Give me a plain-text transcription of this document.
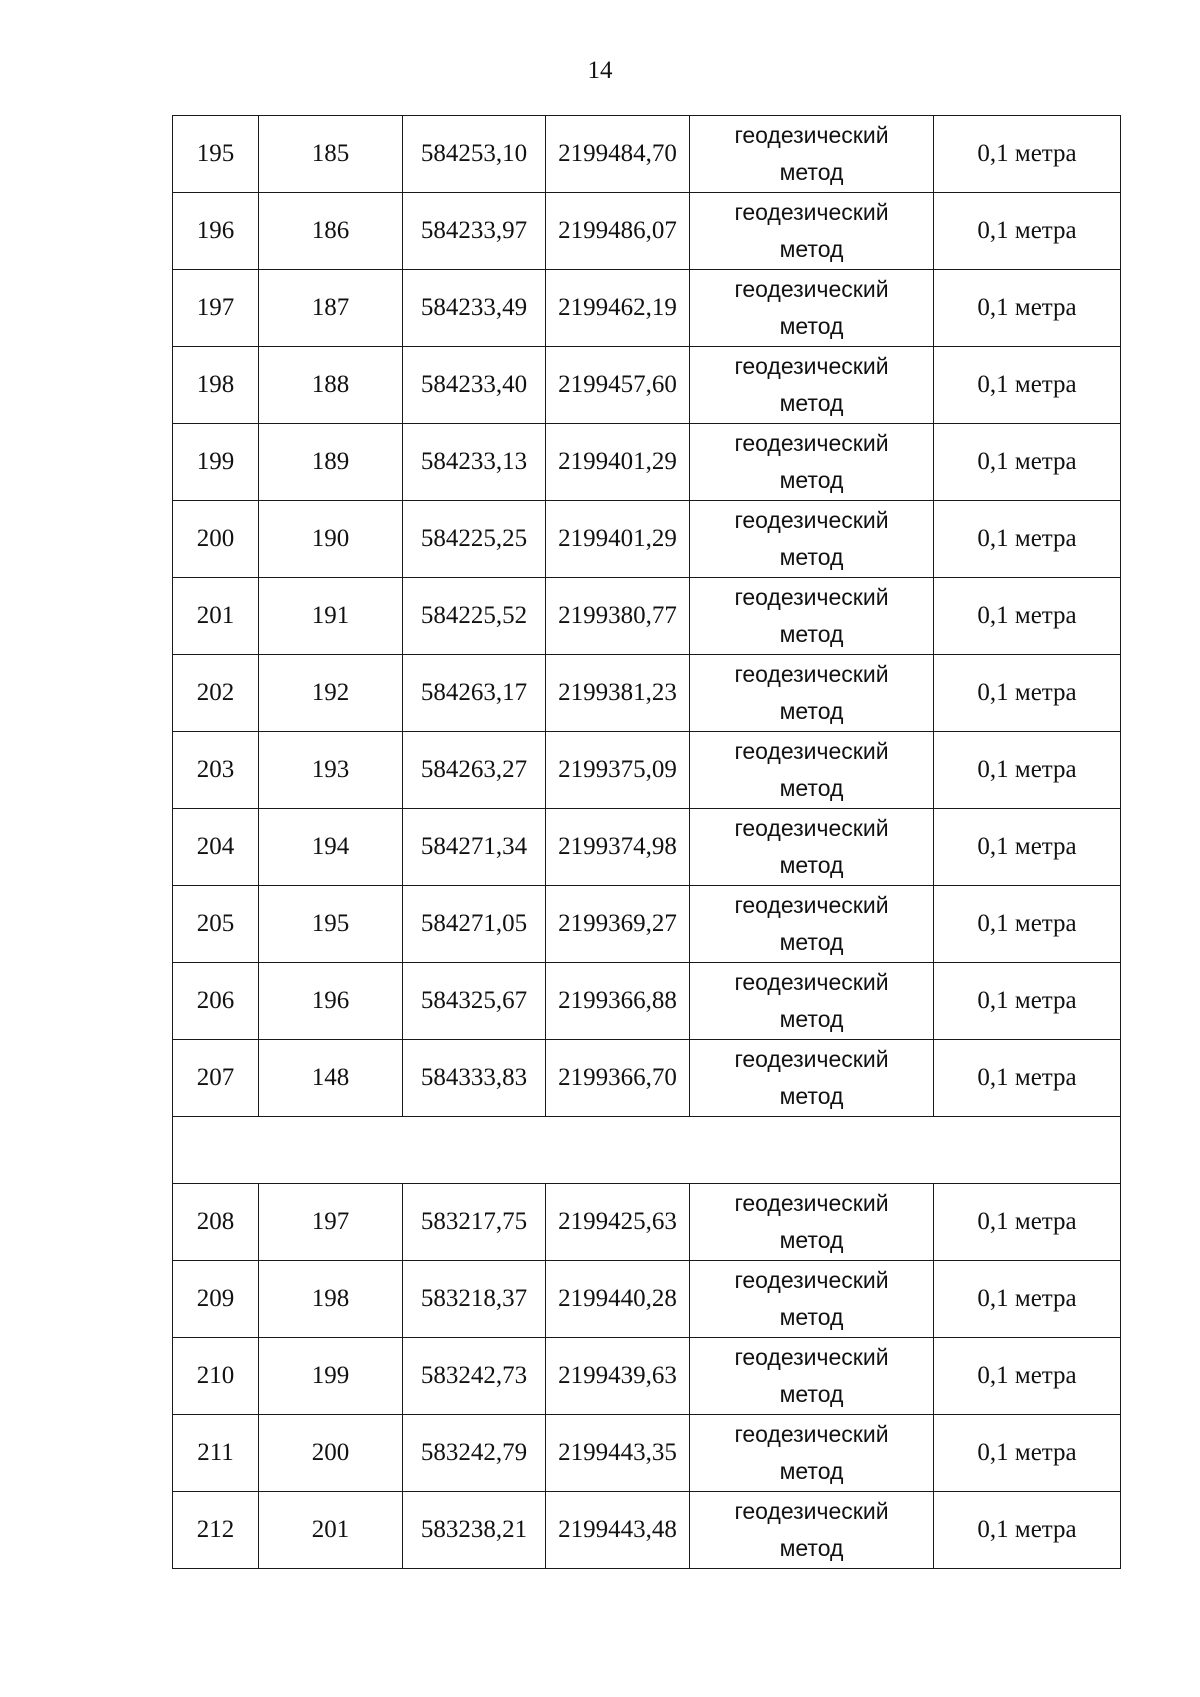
14
195	185	584253,10	2199484,70	геодезический
метод	0,1 метра
196	186	584233,97	2199486,07	геодезический
метод	0,1 метра
197	187	584233,49	2199462,19	геодезический
метод	0,1 метра
198	188	584233,40	2199457,60	геодезический
метод	0,1 метра
199	189	584233,13	2199401,29	геодезический
метод	0,1 метра
200	190	584225,25	2199401,29	геодезический
метод	0,1 метра
201	191	584225,52	2199380,77	геодезический
метод	0,1 метра
202	192	584263,17	2199381,23	геодезический
метод	0,1 метра
203	193	584263,27	2199375,09	геодезический
метод	0,1 метра
204	194	584271,34	2199374,98	геодезический
метод	0,1 метра
205	195	584271,05	2199369,27	геодезический
метод	0,1 метра
206	196	584325,67	2199366,88	геодезический
метод	0,1 метра
207	148	584333,83	2199366,70	геодезический
метод	0,1 метра

208	197	583217,75	2199425,63	геодезический
метод	0,1 метра
209	198	583218,37	2199440,28	геодезический
метод	0,1 метра
210	199	583242,73	2199439,63	геодезический
метод	0,1 метра
211	200	583242,79	2199443,35	геодезический
метод	0,1 метра
212	201	583238,21	2199443,48	геодезический
метод	0,1 метра
